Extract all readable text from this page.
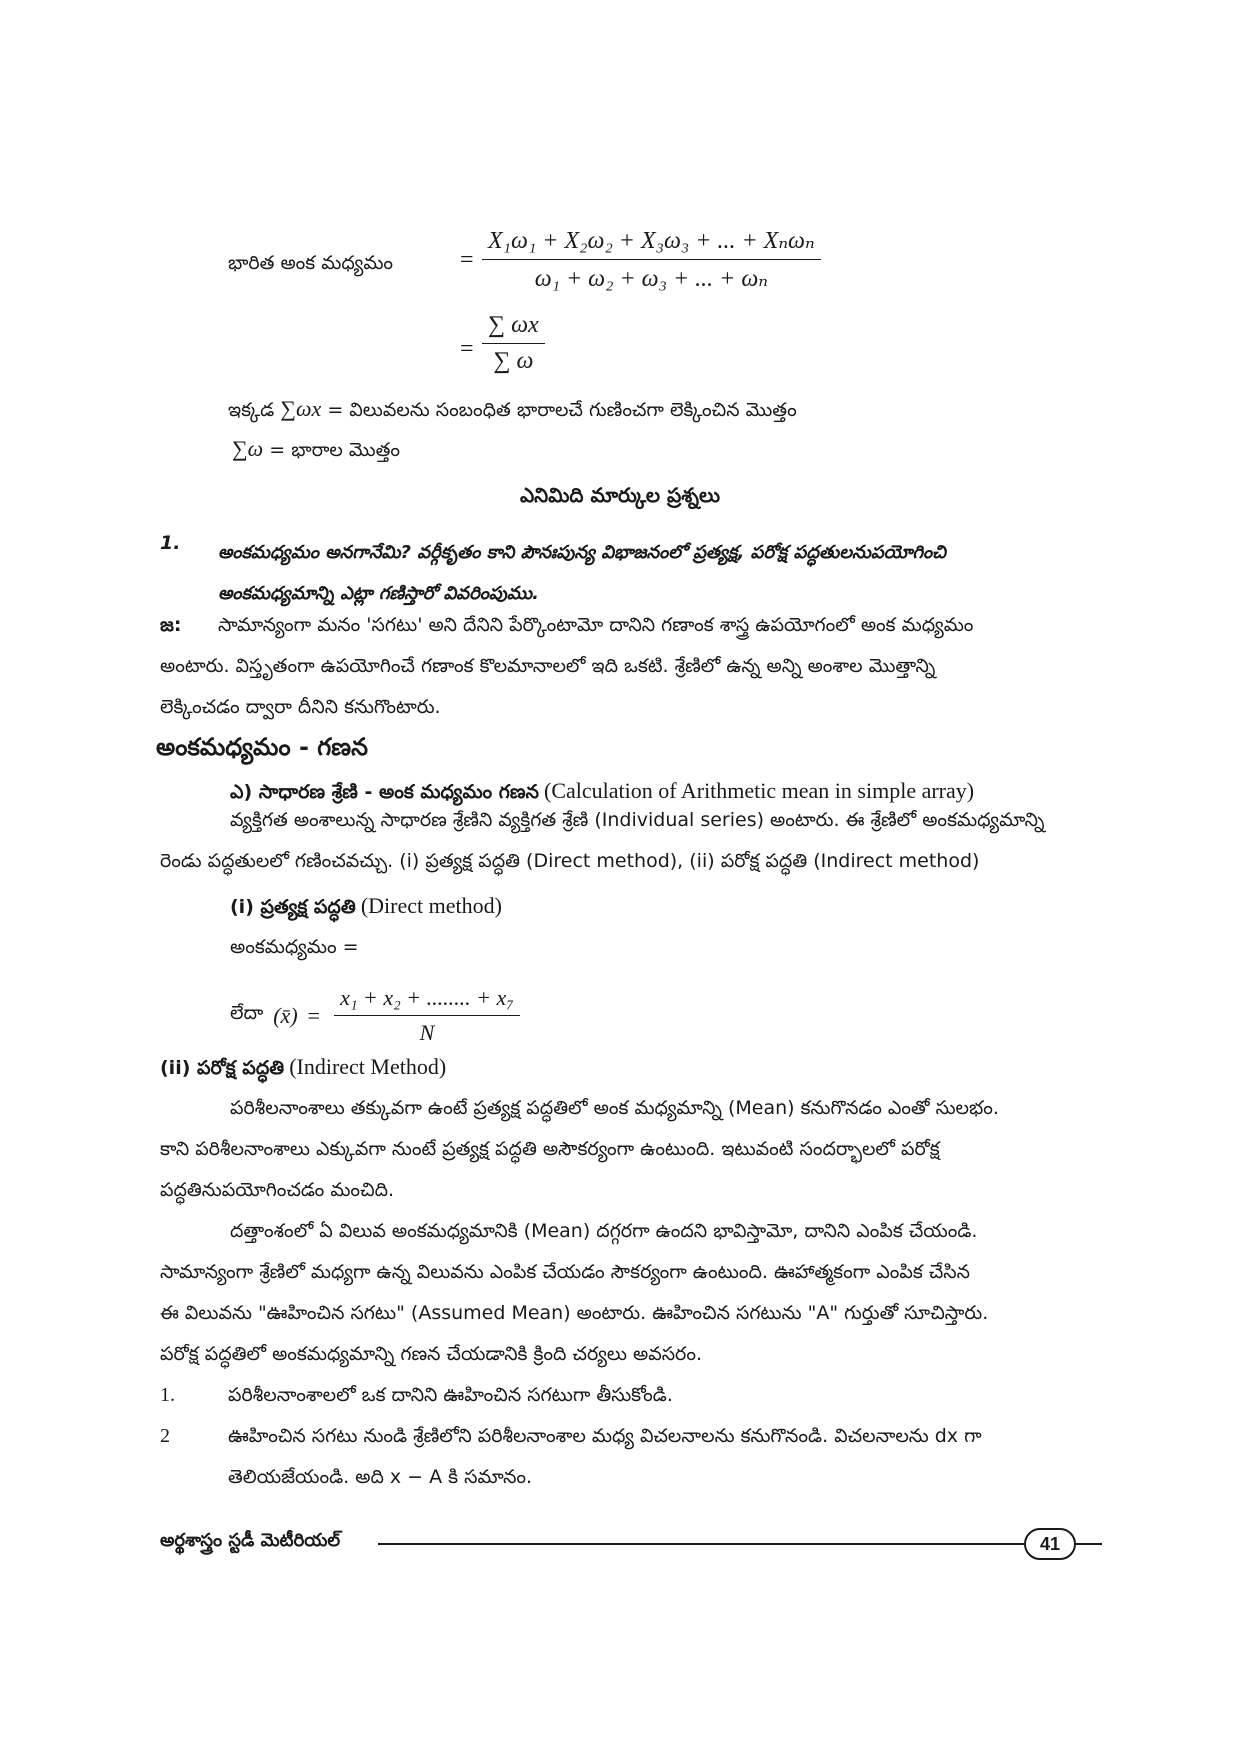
భారిత అంక మధ్యమం	= $\frac{\text{X₁ω₁ + X₂ω₂ + X₃ω₃ + ... + Xₙωₙ}}{\text{ω₁ + ω₂ + ω₃ + ... + ωₙ}}$
= $\frac{\sum \omega x}{\sum \omega}$
ఇక్కడ ∑ωx = విలువలను సంబంధిత భారాలచే గుణించగా లెక్కించిన మొత్తం
∑ω = భారాల మొత్తం
ఎనిమిది మార్కుల ప్రశ్నలు
1. అంకమధ్యమం అనగానేమి? వర్గీకృతం కాని పౌనఃపున్య విభాజనంలో ప్రత్యక్ష, పరోక్ష పద్ధతులనుపయోగించి
అంకమధ్యమాన్ని ఎట్లా గణిస్తారో వివరింపుము.
జ: సామాన్యంగా మనం 'సగటు' అని దేనిని పేర్కొంటామో దానిని గణాంక శాస్త్ర ఉపయోగంలో అంక మధ్యమం
అంటారు. విస్తృతంగా ఉపయోగించే గణాంక కొలమానాలలో ఇది ఒకటి. శ్రేణిలో ఉన్న అన్ని అంశాల మొత్తాన్ని
లెక్కించడం ద్వారా దీనిని కనుగొంటారు.
అంకమధ్యమం - గణన
ఎ) సాధారణ శ్రేణి - అంక మధ్యమం గణన (Calculation of Arithmetic mean in simple array)
వ్యక్తిగత అంశాలున్న సాధారణ శ్రేణిని వ్యక్తిగత శ్రేణి (Individual series) అంటారు. ఈ శ్రేణిలో అంకమధ్యమాన్ని
రెండు పద్ధతులలో గణించవచ్చు. (i) ప్రత్యక్ష పద్ధతి (Direct method), (ii) పరోక్ష పద్ధతి (Indirect method)
(i) ప్రత్యక్ష పద్ధతి (Direct method)
అంకమధ్యమం =
లేదా (x̄) = $\frac{\text{x₁ + x₂ + ........ + x₇}}{N}$
(ii) పరోక్ష పద్ధతి (Indirect Method)
పరిశీలనాంశాలు తక్కువగా ఉంటే ప్రత్యక్ష పద్ధతిలో అంక మధ్యమాన్ని (Mean) కనుగొనడం ఎంతో సులభం.
కాని పరిశీలనాంశాలు ఎక్కువగా నుంటే ప్రత్యక్ష పద్ధతి అసౌకర్యంగా ఉంటుంది. ఇటువంటి సందర్భాలలో పరోక్ష
పద్ధతినుపయోగించడం మంచిది.
దత్తాంశంలో ఏ విలువ అంకమధ్యమానికి (Mean) దగ్గరగా ఉందని భావిస్తామో, దానిని ఎంపిక చేయండి.
సామాన్యంగా శ్రేణిలో మధ్యగా ఉన్న విలువను ఎంపిక చేయడం సౌకర్యంగా ఉంటుంది. ఊహాత్మకంగా ఎంపిక చేసిన
ఈ విలువను "ఊహించిన సగటు" (Assumed Mean) అంటారు. ఊహించిన సగటును "A" గుర్తుతో సూచిస్తారు.
పరోక్ష పద్ధతిలో అంకమధ్యమాన్ని గణన చేయడానికి క్రింది చర్యలు అవసరం.
1.	పరిశీలనాంశాలలో ఒక దానిని ఊహించిన సగటుగా తీసుకోండి.
2	ఊహించిన సగటు నుండి శ్రేణిలోని పరిశీలనాంశాల మధ్య విచలనాలను కనుగొనండి. విచలనాలను dx గా
తెలియజేయండి. అది x − A కి సమానం.
అర్థశాస్త్రం స్టడీ మెటీరియల్	41
